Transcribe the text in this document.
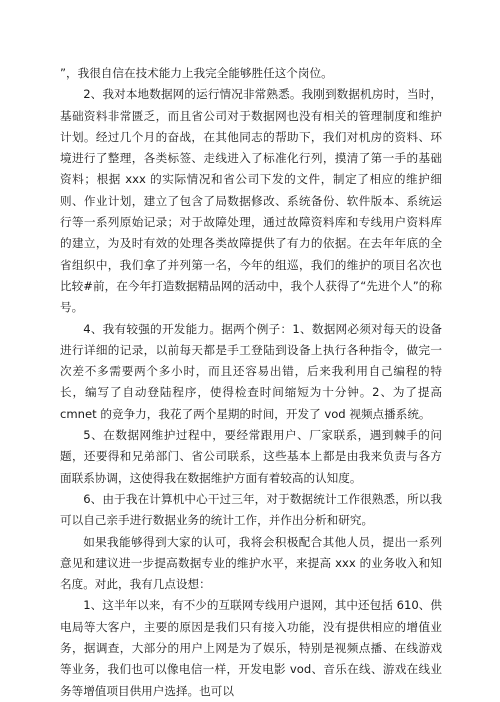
”，我很自信在技术能力上我完全能够胜任这个岗位。

2、我对本地数据网的运行情况非常熟悉。我刚到数据机房时，当时，基础资料非常匮乏，而且省公司对于数据网也没有相关的管理制度和维护计划。经过几个月的奋战，在其他同志的帮助下，我们对机房的资料、环境进行了整理，各类标签、走线进入了标准化行列，摸清了第一手的基础资料；根据 xxx 的实际情况和省公司下发的文件，制定了相应的维护细则、作业计划，建立了包含了局数据修改、系统备份、软件版本、系统运行等一系列原始记录；对于故障处理，通过故障资料库和专线用户资料库的建立，为及时有效的处理各类故障提供了有力的依据。在去年年底的全省组织中，我们拿了并列第一名，今年的组巡，我们的维护的项目名次也比较#前，在今年打造数据精品网的活动中，我个人获得了“先进个人”的称号。

4、我有较强的开发能力。据两个例子：1、数据网必须对每天的设备进行详细的记录，以前每天都是手工登陆到设备上执行各种指令，做完一次差不多需要两个多小时，而且还容易出错，后来我利用自己编程的特长，编写了自动登陆程序，使得检查时间缩短为十分钟。2、为了提高 cmnet 的竞争力，我花了两个星期的时间，开发了 vod 视频点播系统。

5、在数据网维护过程中，要经常跟用户、厂家联系，遇到棘手的问题，还要得和兄弟部门、省公司联系，这些基本上都是由我来负责与各方面联系协调，这使得我在数据维护方面有着较高的认知度。

6、由于我在计算机中心干过三年，对于数据统计工作很熟悉，所以我可以自己亲手进行数据业务的统计工作，并作出分析和研究。

如果我能够得到大家的认可，我将会积极配合其他人员，提出一系列意见和建议进一步提高数据专业的维护水平，来提高 xxx 的业务收入和知名度。对此，我有几点设想：

1、这半年以来，有不少的互联网专线用户退网，其中还包括 610、供电局等大客户，主要的原因是我们只有接入功能，没有提供相应的增值业务，据调查，大部分的用户上网是为了娱乐，特别是视频点播、在线游戏等业务，我们也可以像电信一样，开发电影 vod、音乐在线、游戏在线业务等增值项目供用户选择。也可以
